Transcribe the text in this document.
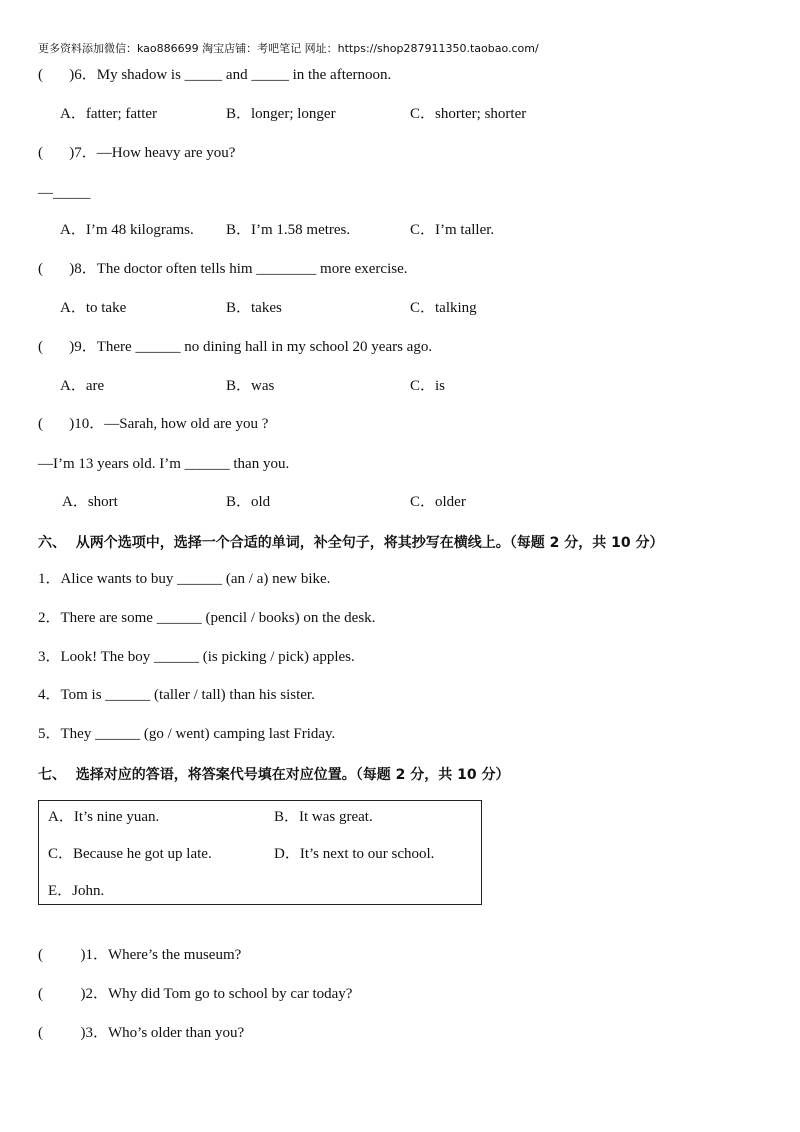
更多资料添加微信：kao886699 淘宝店铺：考吧笔记 网址：https://shop287911350.taobao.com/
(       )6．My shadow is _____ and _____ in the afternoon.
A．fatter; fatter	B．longer; longer	C．shorter; shorter
(       )7．—How heavy are you?
—_____
A．I’m 48 kilograms. B．I’m 1.58 metres.	C．I’m taller.
(       )8．The doctor often tells him ________ more exercise.
A．to take	B．takes	C．talking
(       )9．There ______ no dining hall in my school 20 years ago.
A．are	B．was	C．is
(       )10．—Sarah, how old are you ?
—I’m 13 years old. I’m ______ than you.
A．short	B．old	C．older
六、  从两个选项中，选择一个合适的单词，补全句子，将其抄写在横线上。（每题 2 分，共 10 分）
1．Alice wants to buy ______ (an / a) new bike.
2．There are some ______ (pencil / books) on the desk.
3．Look! The boy ______ (is picking / pick) apples.
4．Tom is ______ (taller / tall) than his sister.
5．They ______ (go / went) camping last Friday.
七、  选择对应的答语，将答案代号填在对应位置。（每题 2 分，共 10 分）
A．It’s nine yuan.	B．It was great.
C．Because he got up late.	D．It’s next to our school.
E．John.
(          )1．Where’s the museum?
(          )2．Why did Tom go to school by car today?
(          )3．Who’s older than you?
